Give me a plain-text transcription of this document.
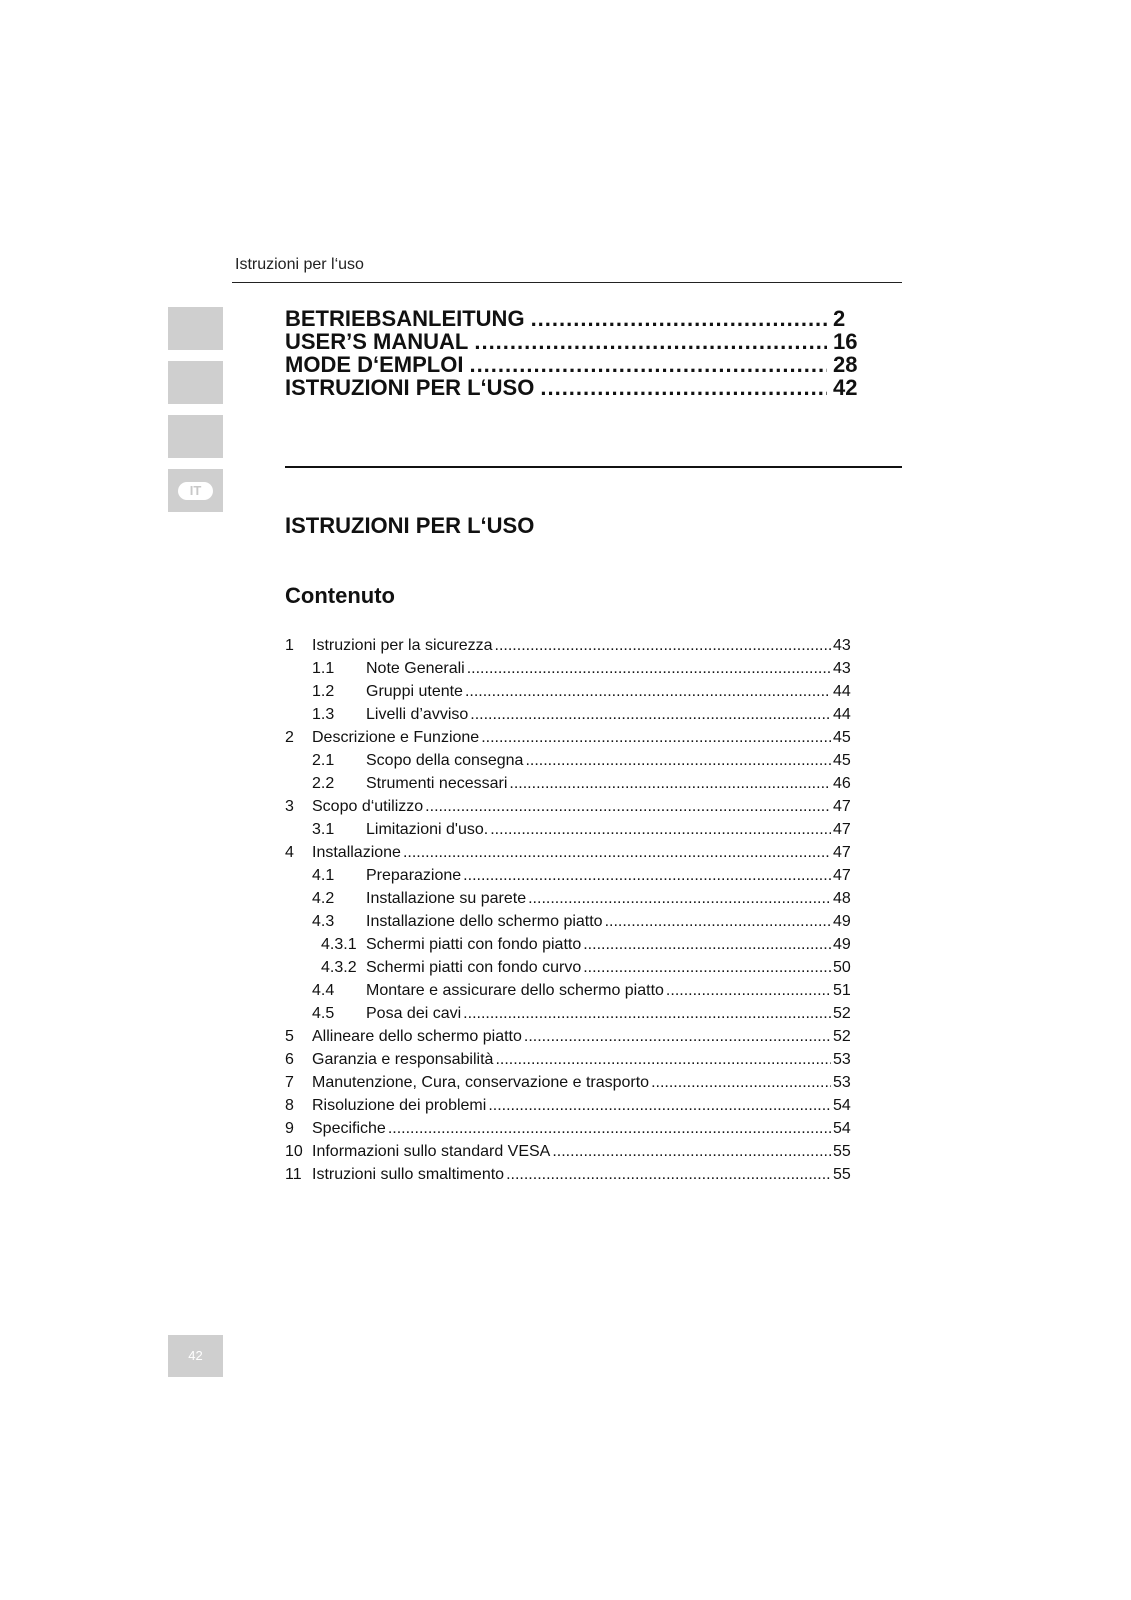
Istruzioni per l‘uso
IT
BETRIEBSANLEITUNG .....	2
USER’S MANUAL .....	16
MODE D‘EMPLOI .....	28
ISTRUZIONI PER L‘USO .....	42
ISTRUZIONI PER L‘USO
Contenuto
1	Istruzioni per la sicurezza .....	43
1.1	Note Generali .....	43
1.2	Gruppi utente .....	44
1.3	Livelli d’avviso .....	44
2	Descrizione e Funzione .....	45
2.1	Scopo della consegna .....	45
2.2	Strumenti necessari .....	46
3	Scopo d‘utilizzo .....	47
3.1	Limitazioni d'uso. .....	47
4	Installazione .....	47
4.1	Preparazione .....	47
4.2	Installazione su parete .....	48
4.3	Installazione dello schermo piatto .....	49
4.3.1 Schermi piatti con fondo piatto .....	49
4.3.2 Schermi piatti con fondo curvo .....	50
4.4	Montare e assicurare dello schermo piatto .....	51
4.5	Posa dei cavi .....	52
5	Allineare dello schermo piatto .....	52
6	Garanzia e responsabilità .....	53
7	Manutenzione, Cura, conservazione e trasporto .....	53
8	Risoluzione dei problemi .....	54
9	Specifiche .....	54
10 Informazioni sullo standard VESA .....	55
11 Istruzioni sullo smaltimento .....	55
42
